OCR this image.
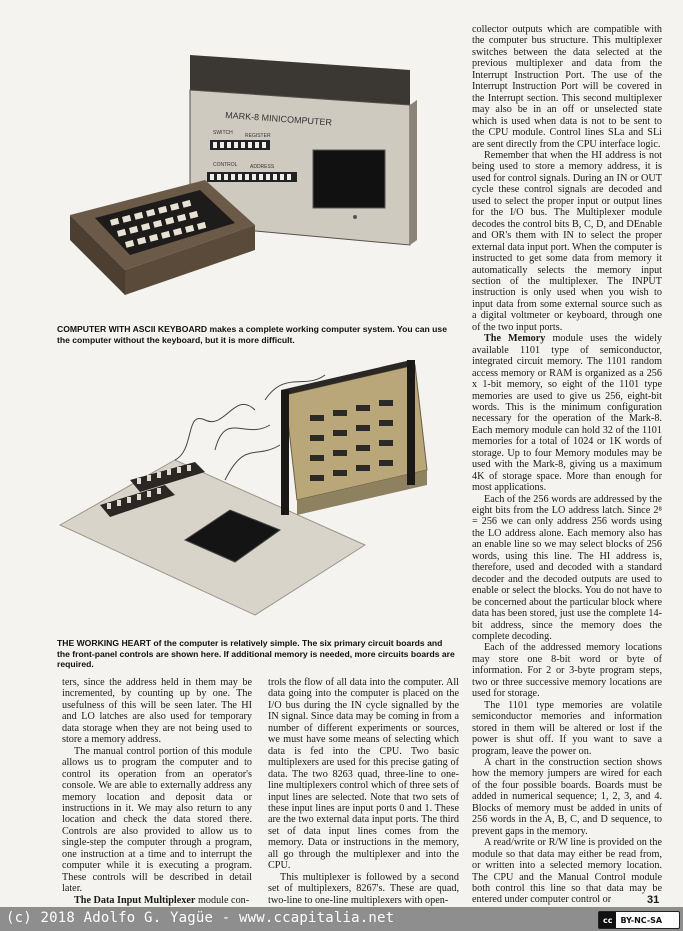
MARK-8 MINICOMPUTER
SWITCH REGISTER
CONTROL	ADDRESS
COMPUTER WITH ASCII KEYBOARD makes a complete working computer system. You can use the computer without the keyboard, but it is more difficult.
THE WORKING HEART of the computer is relatively simple. The six primary circuit boards and the front-panel controls are shown here. If additional memory is needed, more circuits boards are required.

ters, since the address held in them may be incremented, by counting up by one. The usefulness of this will be seen later. The HI and LO latches are also used for temporary data storage when they are not being used to store a memory address.

The manual control portion of this module allows us to program the computer and to control its operation from an operator's console. We are able to externally address any memory location and deposit data or instructions in it. We may also return to any location and check the data stored there. Controls are also provided to allow us to single-step the computer through a program, one instruction at a time and to interrupt the computer while it is executing a program. These controls will be described in detail later.

The Data Input Multiplexer module con-

trols the flow of all data into the computer. All data going into the computer is placed on the I/O bus during the IN cycle signalled by the IN signal. Since data may be coming in from a number of different experiments or sources, we must have some means of selecting which data is fed into the CPU. Two basic multiplexers are used for this precise gating of data. The two 8263 quad, three-line to one-line multiplexers control which of three sets of input lines are selected. Note that two sets of these input lines are input ports 0 and 1. These are the two external data input ports. The third set of data input lines comes from the memory. Data or instructions in the memory, all go through the multiplexer and into the CPU.

This multiplexer is followed by a second set of multiplexers, 8267's. These are quad, two-line to one-line multiplexers with open-

collector outputs which are compatible with the computer bus structure. This multiplexer switches between the data selected at the previous multiplexer and data from the Interrupt Instruction Port. The use of the Interrupt Instruction Port will be covered in the Interrupt section. This second multiplexer may also be in an off or unselected state which is used when data is not to be sent to the CPU module. Control lines SLa and SLi are sent directly from the CPU interface logic.

Remember that when the HI address is not being used to store a memory address, it is used for control signals. During an IN or OUT cycle these control signals are decoded and used to select the proper input or output lines for the I/O bus. The Multiplexer module decodes the control bits B, C, D, and DEnable and OR's them with IN to select the proper external data input port. When the computer is instructed to get some data from memory it automatically selects the memory input section of the multiplexer. The INPUT instruction is only used when you wish to input data from some external source such as a digital voltmeter or keyboard, through one of the two input ports.

The Memory module uses the widely available 1101 type of semiconductor, integrated circuit memory. The 1101 random access memory or RAM is organized as a 256 x 1-bit memory, so eight of the 1101 type memories are used to give us 256, eight-bit words. This is the minimum configuration necessary for the operation of the Mark-8. Each memory module can hold 32 of the 1101 memories for a total of 1024 or 1K words of storage. Up to four Memory modules may be used with the Mark-8, giving us a maximum 4K of storage space. More than enough for most applications.

Each of the 256 words are addressed by the eight bits from the LO address latch. Since 2⁸ = 256 we can only address 256 words using the LO address alone. Each memory also has an enable line so we may select blocks of 256 words, using this line. The HI address is, therefore, used and decoded with a standard decoder and the decoded outputs are used to enable or select the blocks. You do not have to be concerned about the particular block where data has been stored, just use the complete 14-bit address, since the memory does the complete decoding.

Each of the addressed memory locations may store one 8-bit word or byte of information. For 2 or 3-byte program steps, two or three successive memory locations are used for storage.

The 1101 type memories are volatile semiconductor memories and information stored in them will be altered or lost if the power is shut off. If you want to save a program, leave the power on.

A chart in the construction section shows how the memory jumpers are wired for each of the four possible boards. Boards must be added in numerical sequence; 1, 2, 3, and 4. Blocks of memory must be added in units of 256 words in the A, B, C, and D sequence, to prevent gaps in the memory.

A read/write or R/W line is provided on the module so that data may either be read from, or written into a selected memory location. The CPU and the Manual Control module both control this line so that data may be entered under computer control or	31
(c) 2018 Adolfo G. Yagüe - www.ccapitalia.net	cc	BY-NC-SA
